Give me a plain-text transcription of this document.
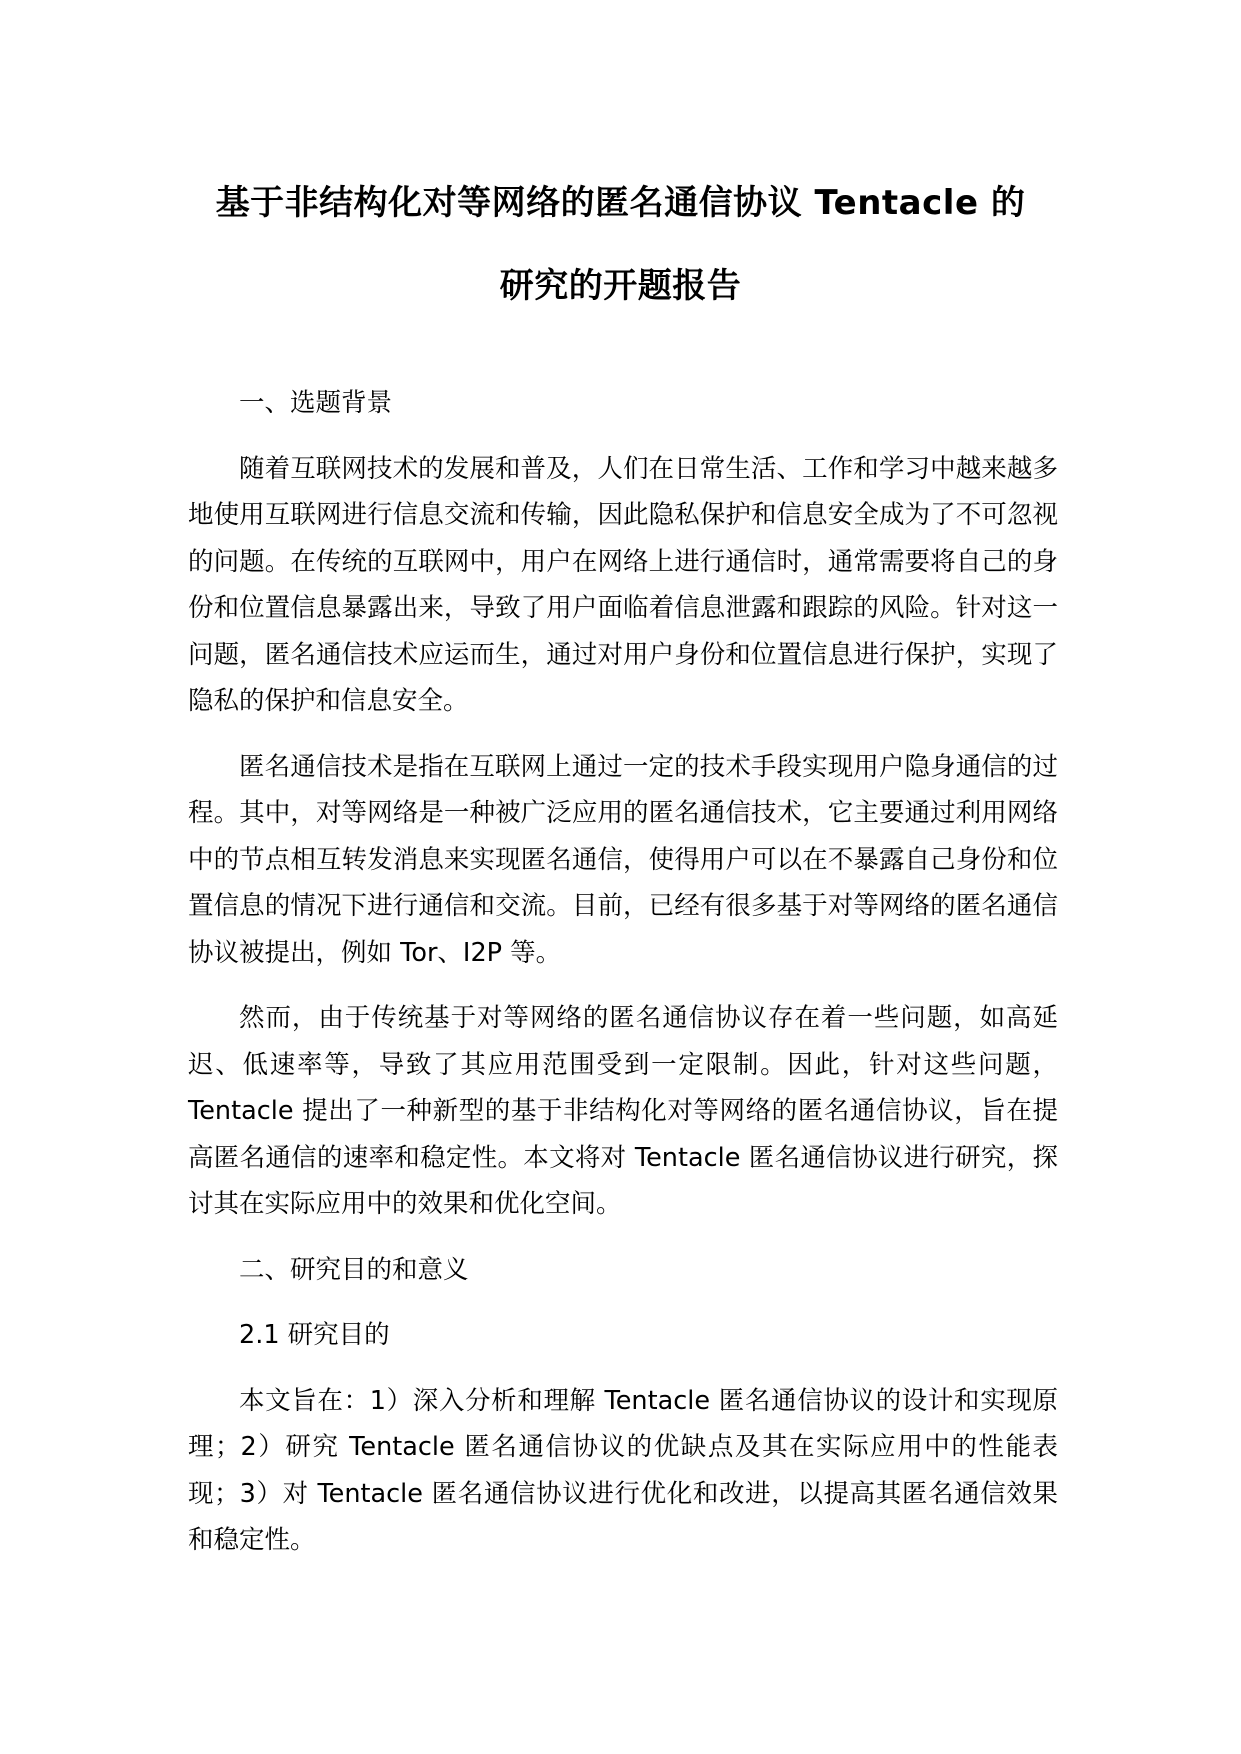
基于非结构化对等网络的匿名通信协议 Tentacle 的
研究的开题报告
一、选题背景

随着互联网技术的发展和普及，人们在日常生活、工作和学习中越来越多地使用互联网进行信息交流和传输，因此隐私保护和信息安全成为了不可忽视的问题。在传统的互联网中，用户在网络上进行通信时，通常需要将自己的身份和位置信息暴露出来，导致了用户面临着信息泄露和跟踪的风险。针对这一问题，匿名通信技术应运而生，通过对用户身份和位置信息进行保护，实现了隐私的保护和信息安全。

匿名通信技术是指在互联网上通过一定的技术手段实现用户隐身通信的过程。其中，对等网络是一种被广泛应用的匿名通信技术，它主要通过利用网络中的节点相互转发消息来实现匿名通信，使得用户可以在不暴露自己身份和位置信息的情况下进行通信和交流。目前，已经有很多基于对等网络的匿名通信协议被提出，例如 Tor、I2P 等。

然而，由于传统基于对等网络的匿名通信协议存在着一些问题，如高延迟、低速率等，导致了其应用范围受到一定限制。因此，针对这些问题，Tentacle 提出了一种新型的基于非结构化对等网络的匿名通信协议，旨在提高匿名通信的速率和稳定性。本文将对 Tentacle 匿名通信协议进行研究，探讨其在实际应用中的效果和优化空间。

二、研究目的和意义
2.1 研究目的

本文旨在：1）深入分析和理解 Tentacle 匿名通信协议的设计和实现原理；2）研究 Tentacle 匿名通信协议的优缺点及其在实际应用中的性能表现；3）对 Tentacle 匿名通信协议进行优化和改进，以提高其匿名通信效果和稳定性。
